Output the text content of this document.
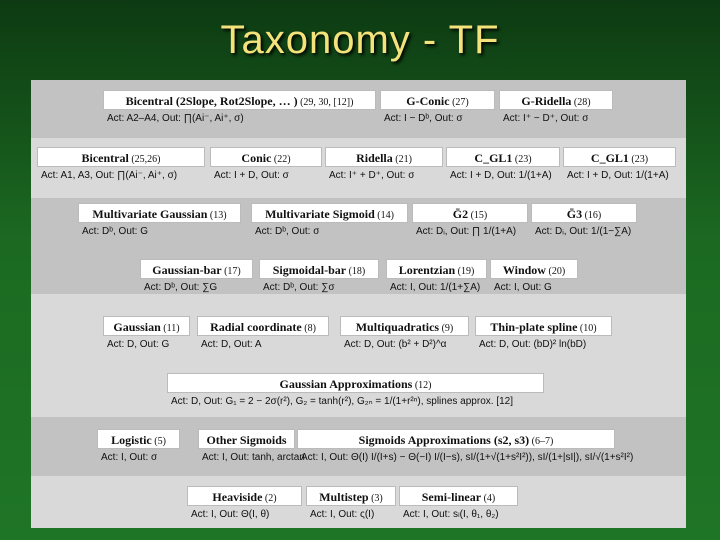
Taxonomy - TF
Bicentral (2Slope, Rot2Slope, … ) (29, 30, [12])
Act: A2–A4, Out: ∏(Ai⁻, Ai⁺, σ)
G-Conic (27)
Act: I − Dᵇ, Out: σ
G-Ridella (28)
Act: I⁺ − D⁺, Out: σ
Bicentral (25,26)
Act: A1, A3, Out: ∏(Ai⁻, Ai⁺, σ)
Conic (22)
Act: I + D, Out: σ
Ridella (21)
Act: I⁺ + D⁺, Out: σ
C_GL1 (23)
Act: I + D, Out: 1/(1+A)
C_GL1 (23)
Act: I + D, Out: 1/(1+A)
Multivariate Gaussian (13)
Act: Dᵇ, Out: G
Multivariate Sigmoid (14)
Act: Dᵇ, Out: σ
Ḡ2 (15)
Act: Dᵢ, Out: ∏ 1/(1+A)
Ḡ3 (16)
Act: Dᵢ, Out: 1/(1−∑A)
Gaussian-bar (17)
Act: Dᵇ, Out: ∑G
Sigmoidal-bar (18)
Act: Dᵇ, Out: ∑σ
Lorentzian (19)
Act: I, Out: 1/(1+∑A)
Window (20)
Act: I, Out: G
Gaussian (11)
Act: D, Out: G
Radial coordinate (8)
Act: D, Out: A
Multiquadratics (9)
Act: D, Out: (b² + D²)^α
Thin-plate spline (10)
Act: D, Out: (bD)² ln(bD)
Gaussian Approximations (12)
Act: D, Out: G₁ = 2 − 2σ(r²), G₂ = tanh(r²), G₂ₙ = 1/(1+r²ⁿ), splines approx. [12]
Logistic (5)
Act: I, Out: σ
Other Sigmoids
Act: I, Out: tanh, arctan
Sigmoids Approximations (s2, s3) (6–7)
Act: I, Out: Θ(I) I/(I+s) − Θ(−I) I/(I−s), sI/(1+√(1+s²I²)), sI/(1+|sI|), sI/√(1+s²I²)
Heaviside (2)
Act: I, Out: Θ(I, θ)
Multistep (3)
Act: I, Out: ς(I)
Semi-linear (4)
Act: I, Out: sₗ(I, θ₁, θ₂)
